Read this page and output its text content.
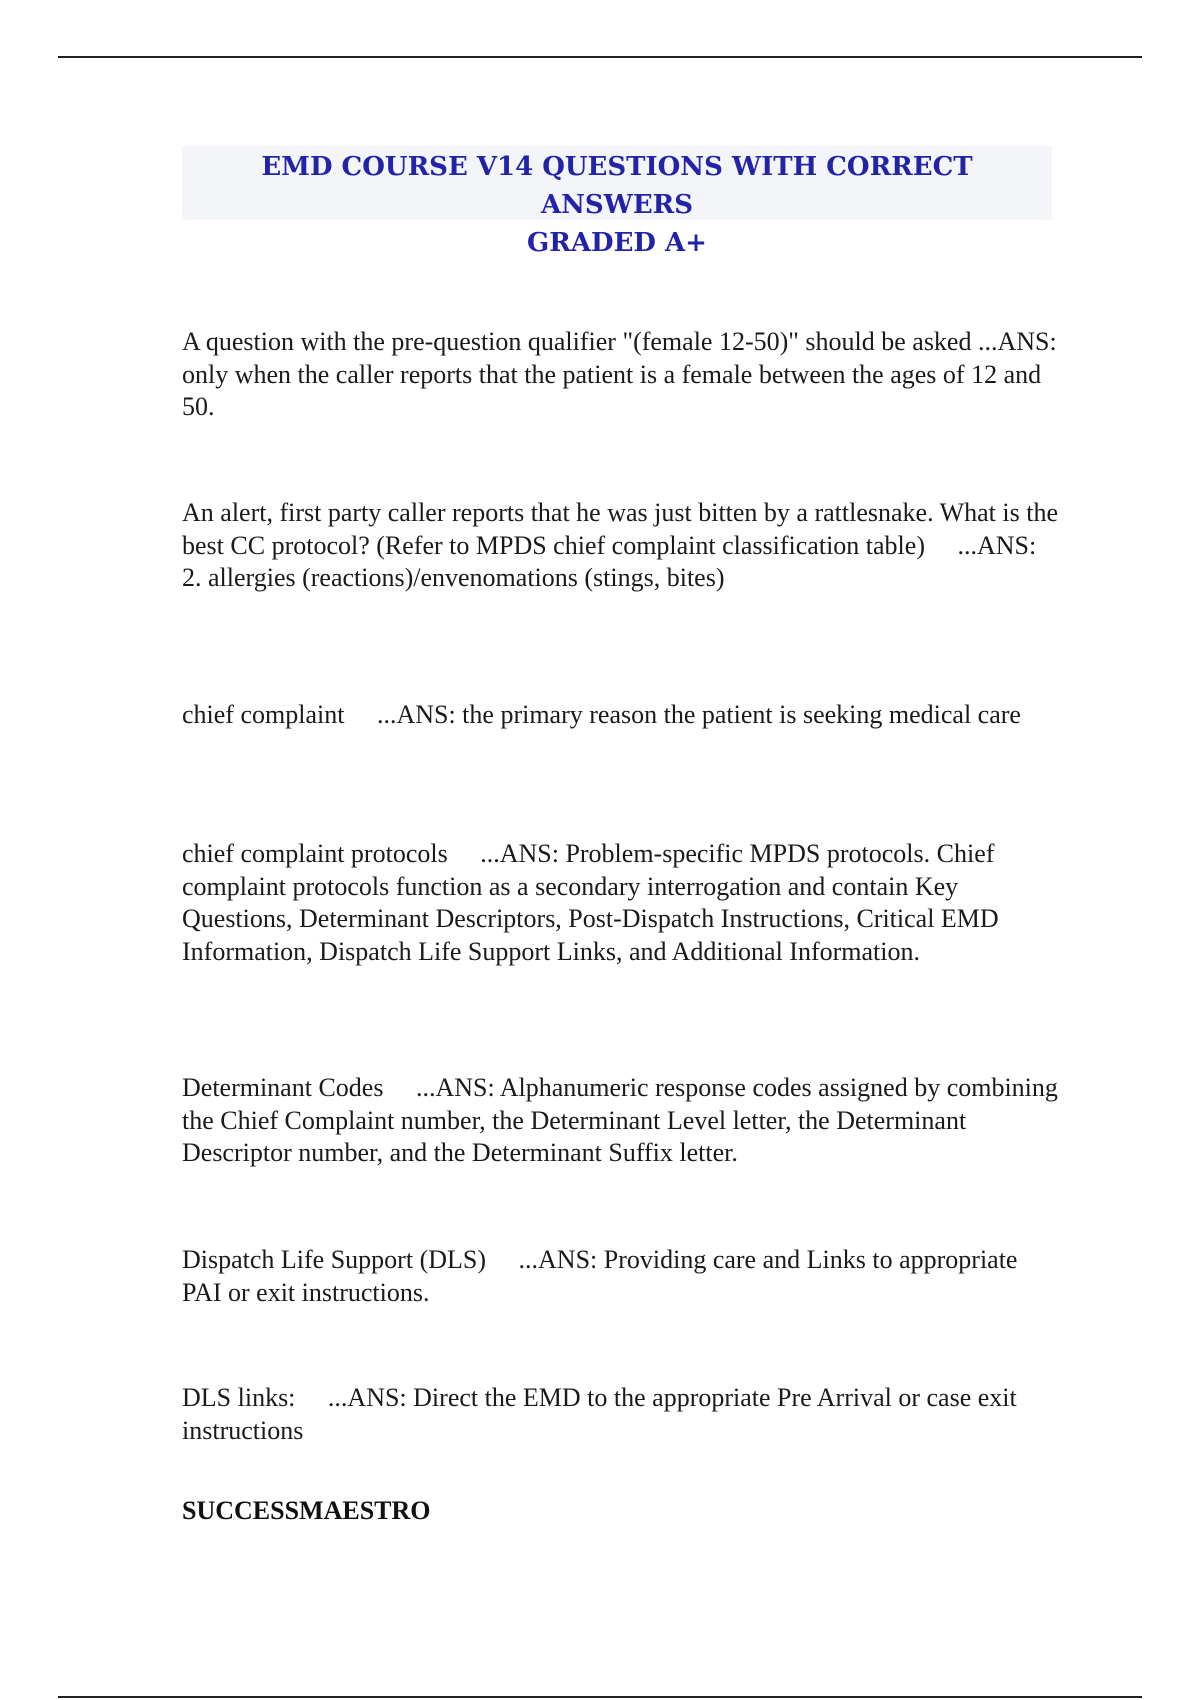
EMD COURSE V14 QUESTIONS WITH CORRECT ANSWERS
GRADED A+

A question with the pre-question qualifier "(female 12-50)" should be asked ...ANS: only when the caller reports that the patient is a female between the ages of 12 and 50.

An alert, first party caller reports that he was just bitten by a rattlesnake. What is the best CC protocol? (Refer to MPDS chief complaint classification table) ...ANS: 2. allergies (reactions)/envenomations (stings, bites)

chief complaint ...ANS: the primary reason the patient is seeking medical care

chief complaint protocols ...ANS: Problem-specific MPDS protocols. Chief complaint protocols function as a secondary interrogation and contain Key Questions, Determinant Descriptors, Post-Dispatch Instructions, Critical EMD Information, Dispatch Life Support Links, and Additional Information.

Determinant Codes ...ANS: Alphanumeric response codes assigned by combining the Chief Complaint number, the Determinant Level letter, the Determinant Descriptor number, and the Determinant Suffix letter.

Dispatch Life Support (DLS) ...ANS: Providing care and Links to appropriate PAI or exit instructions.

DLS links: ...ANS: Direct the EMD to the appropriate Pre Arrival or case exit instructions

SUCCESSMAESTRO
